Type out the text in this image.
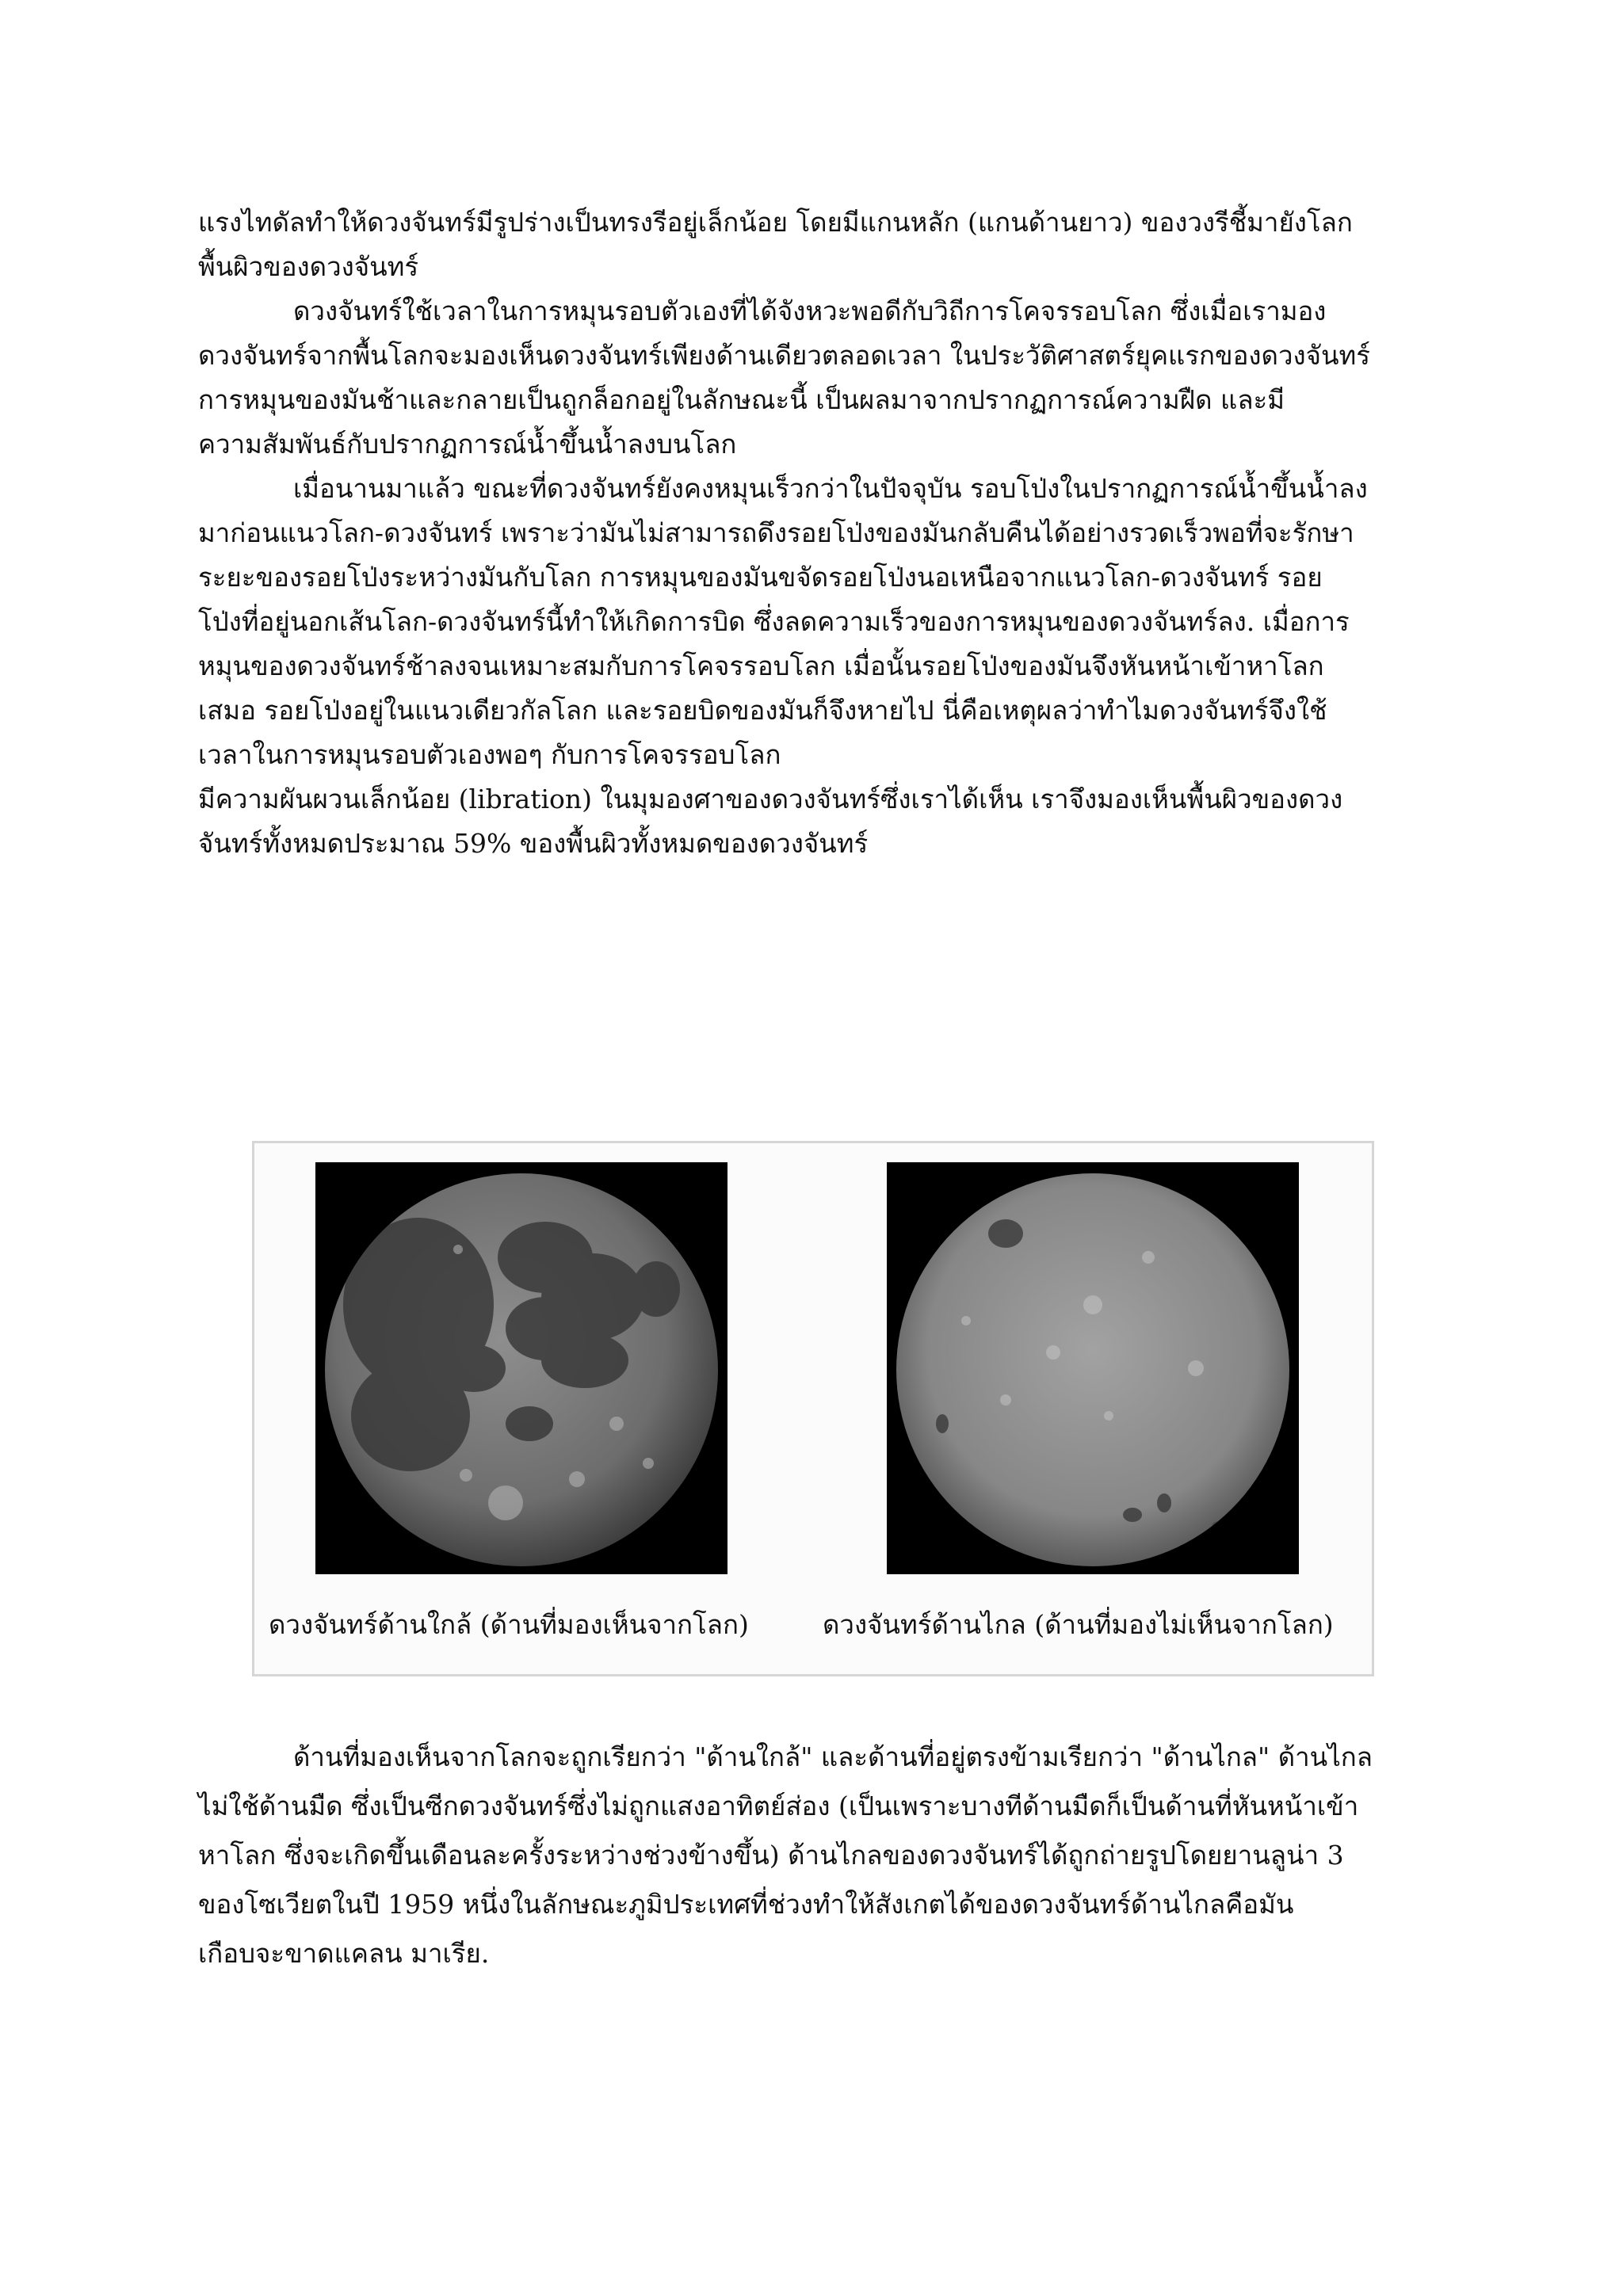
แรงไทดัลทำให้ดวงจันทร์มีรูปร่างเป็นทรงรีอยู่เล็กน้อย โดยมีแกนหลัก (แกนด้านยาว) ของวงรีชี้มายังโลก
พื้นผิวของดวงจันทร์
ดวงจันทร์ใช้เวลาในการหมุนรอบตัวเองที่ได้จังหวะพอดีกับวิถีการโคจรรอบโลก ซึ่งเมื่อเรามอง
ดวงจันทร์จากพื้นโลกจะมองเห็นดวงจันทร์เพียงด้านเดียวตลอดเวลา ในประวัติศาสตร์ยุคแรกของดวงจันทร์
การหมุนของมันช้าและกลายเป็นถูกล็อกอยู่ในลักษณะนี้ เป็นผลมาจากปรากฏการณ์ความฝืด และมี
ความสัมพันธ์กับปรากฏการณ์น้ำขึ้นน้ำลงบนโลก
เมื่อนานมาแล้ว ขณะที่ดวงจันทร์ยังคงหมุนเร็วกว่าในปัจจุบัน รอบโป่งในปรากฏการณ์น้ำขึ้นน้ำลง
มาก่อนแนวโลก-ดวงจันทร์ เพราะว่ามันไม่สามารถดึงรอยโป่งของมันกลับคืนได้อย่างรวดเร็วพอที่จะรักษา
ระยะของรอยโป่งระหว่างมันกับโลก การหมุนของมันขจัดรอยโป่งนอเหนือจากแนวโลก-ดวงจันทร์ รอย
โป่งที่อยู่นอกเส้นโลก-ดวงจันทร์นี้ทำให้เกิดการบิด ซึ่งลดความเร็วของการหมุนของดวงจันทร์ลง. เมื่อการ
หมุนของดวงจันทร์ช้าลงจนเหมาะสมกับการโคจรรอบโลก เมื่อนั้นรอยโป่งของมันจึงหันหน้าเข้าหาโลก
เสมอ รอยโป่งอยู่ในแนวเดียวกัลโลก และรอยบิดของมันก็จึงหายไป นี่คือเหตุผลว่าทำไมดวงจันทร์จึงใช้
เวลาในการหมุนรอบตัวเองพอๆ กับการโคจรรอบโลก
มีความผันผวนเล็กน้อย (libration) ในมุมองศาของดวงจันทร์ซึ่งเราได้เห็น เราจึงมองเห็นพื้นผิวของดวง
จันทร์ทั้งหมดประมาณ 59% ของพื้นผิวทั้งหมดของดวงจันทร์
ดวงจันทร์ด้านใกล้ (ด้านที่มองเห็นจากโลก)	ดวงจันทร์ด้านไกล (ด้านที่มองไม่เห็นจากโลก)
ด้านที่มองเห็นจากโลกจะถูกเรียกว่า "ด้านใกล้" และด้านที่อยู่ตรงข้ามเรียกว่า "ด้านไกล" ด้านไกล
ไม่ใช้ด้านมืด ซึ่งเป็นซีกดวงจันทร์ซึ่งไม่ถูกแสงอาทิตย์ส่อง (เป็นเพราะบางทีด้านมืดก็เป็นด้านที่หันหน้าเข้า
หาโลก ซึ่งจะเกิดขึ้นเดือนละครั้งระหว่างช่วงข้างขึ้น) ด้านไกลของดวงจันทร์ได้ถูกถ่ายรูปโดยยานลูน่า 3
ของโซเวียตในปี 1959 หนึ่งในลักษณะภูมิประเทศที่ช่วงทำให้สังเกตได้ของดวงจันทร์ด้านไกลคือมัน
เกือบจะขาดแคลน มาเรีย.
